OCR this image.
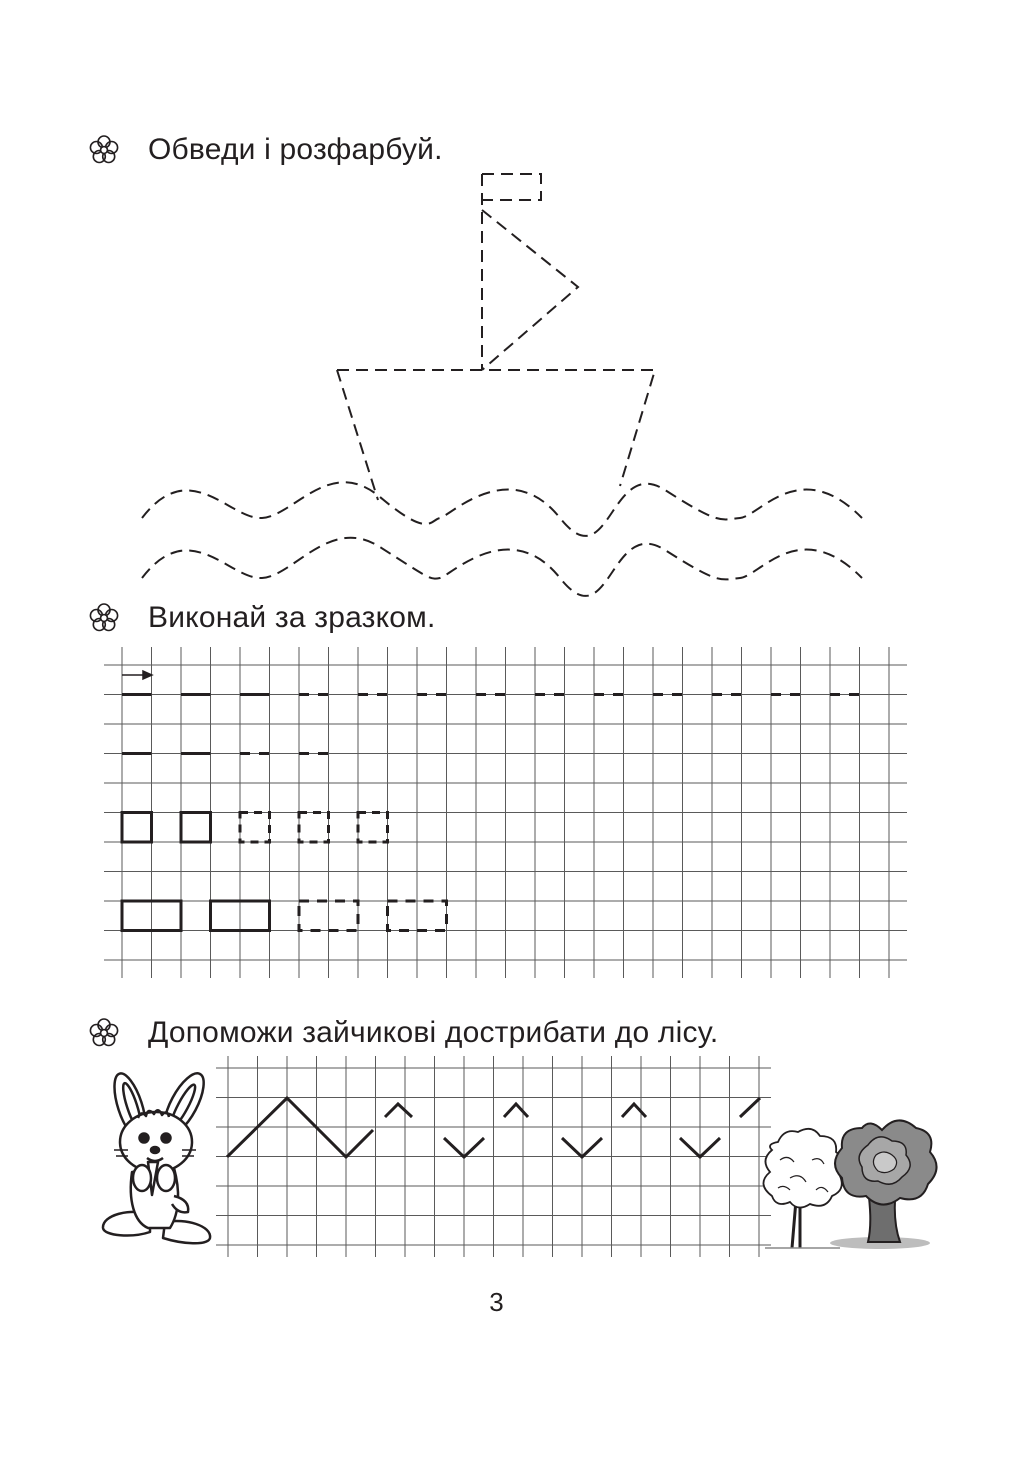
Обведи і розфарбуй.
Виконай за зразком.
Допоможи зайчикові дострибати до лісу.
3
